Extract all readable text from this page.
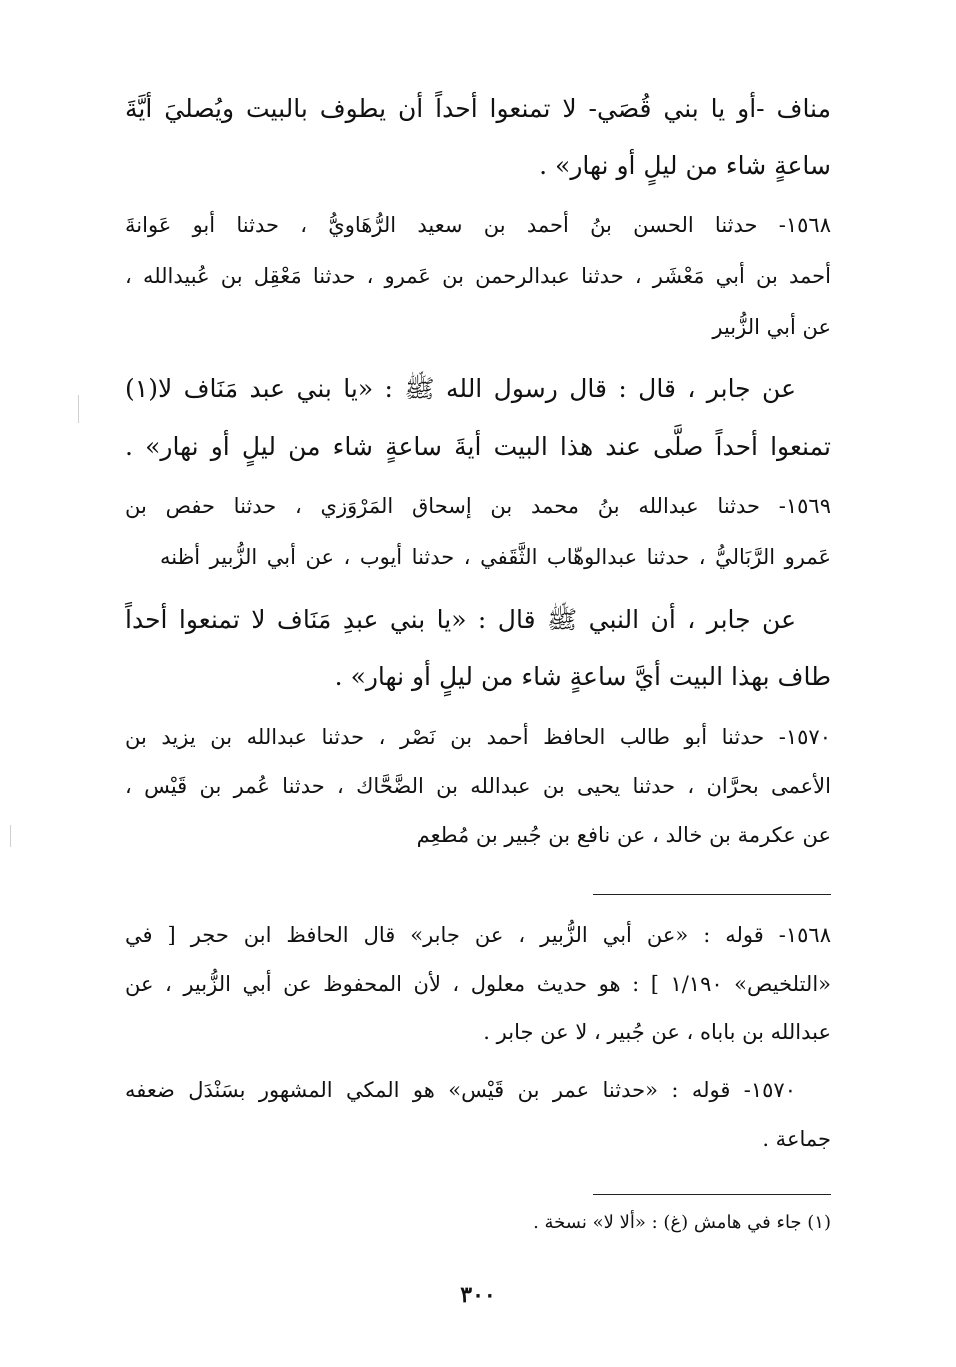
مناف -أو يا بني قُصَي- لا تمنعوا أحداً أن يطوف بالبيت ويُصليَ أيَّةَ
ساعةٍ شاء من ليلٍ أو نهار» .
١٥٦٨- حدثنا الحسن بنُ أحمد بن سعيد الرُّهَاويُّ ، حدثنا أبو عَوانةَ
أحمد بن أبي مَعْشَر ، حدثنا عبدالرحمن بن عَمرو ، حدثنا مَعْقِل بن عُبيدالله ،
عن أبي الزُّبير
عن جابر ، قال : قال رسول الله ﷺ : «يا بني عبد مَنَاف لا(١)
تمنعوا أحداً صلَّى عند هذا البيت أيةَ ساعةٍ شاء من ليلٍ أو نهار» .
١٥٦٩- حدثنا عبدالله بنُ محمد بن إسحاق المَرْوَزي ، حدثنا حفص بن
عَمرو الرَّبَاليُّ ، حدثنا عبدالوهّاب الثَّقَفي ، حدثنا أيوب ، عن أبي الزُّبير أظنه
عن جابر ، أن النبي ﷺ قال : «يا بني عبدِ مَنَاف لا تمنعوا أحداً
طاف بهذا البيت أيَّ ساعةٍ شاء من ليلٍ أو نهار» .
١٥٧٠- حدثنا أبو طالب الحافظ أحمد بن نَصْر ، حدثنا عبدالله بن يزيد بن
الأعمى بحرَّان ، حدثنا يحيى بن عبدالله بن الضَّحَّاك ، حدثنا عُمر بن قَيْس ،
عن عكرمة بن خالد ، عن نافع بن جُبير بن مُطعِم
١٥٦٨- قوله : «عن أبي الزُّبير ، عن جابر» قال الحافظ ابن حجر [ في
«التلخيص» ١/١٩٠ ] : هو حديث معلول ، لأن المحفوظ عن أبي الزُّبير ، عن
عبدالله بن باباه ، عن جُبير ، لا عن جابر .
١٥٧٠- قوله : «حدثنا عمر بن قَيْس» هو المكي المشهور بسَنْدَل ضعفه
جماعة .
(١) جاء في هامش (غ) : «ألا لا» نسخة .
٣٠٠
